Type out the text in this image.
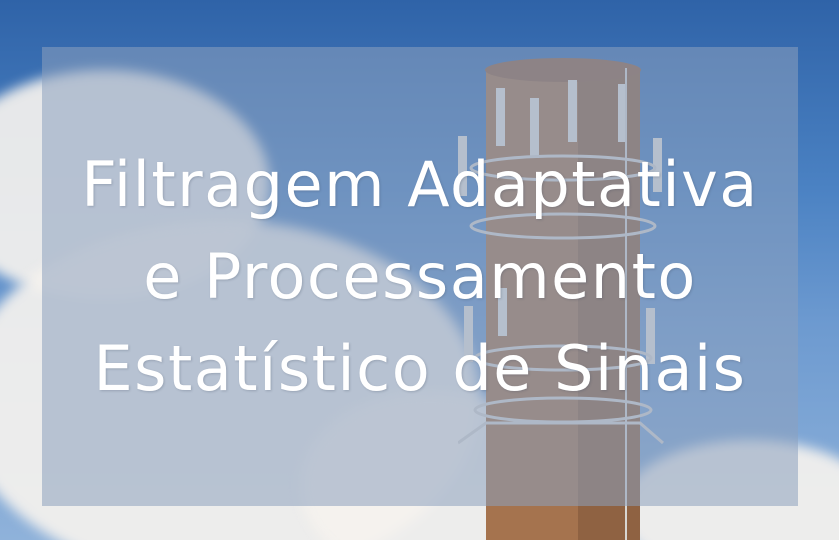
Filtragem Adaptativa
e Processamento
Estatístico de Sinais
